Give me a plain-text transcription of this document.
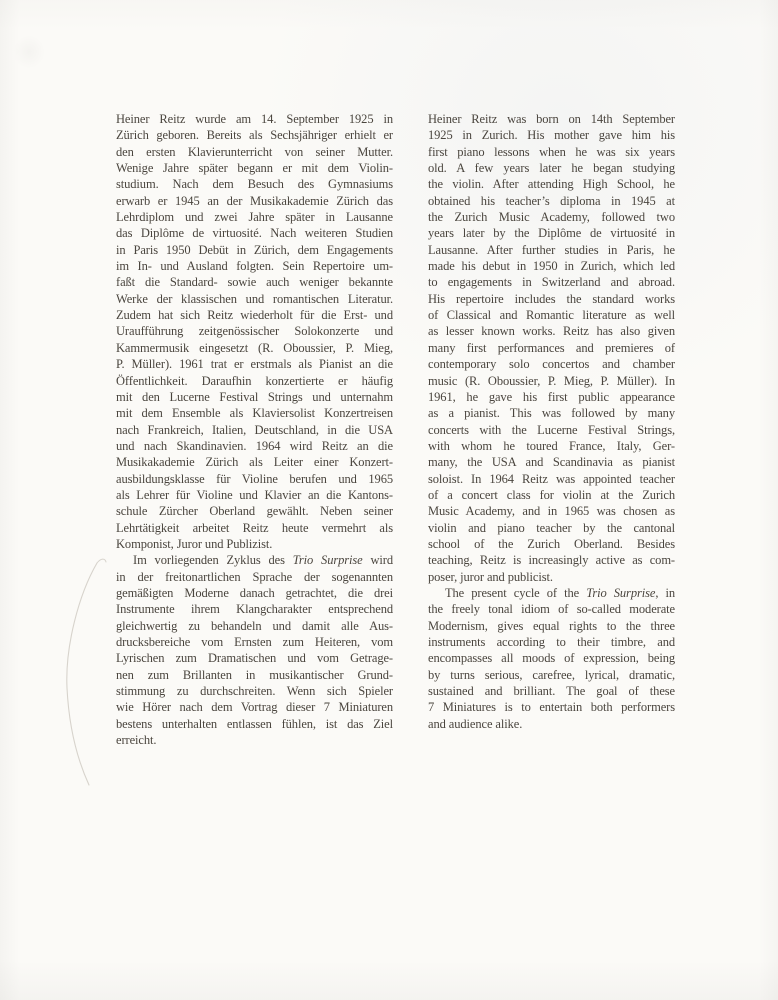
Heiner Reitz wurde am 14. September 1925 in
Zürich geboren. Bereits als Sechsjähriger erhielt er
den ersten Klavierunterricht von seiner Mutter.
Wenige Jahre später begann er mit dem Violin-
studium. Nach dem Besuch des Gymnasiums
erwarb er 1945 an der Musikakademie Zürich das
Lehrdiplom und zwei Jahre später in Lausanne
das Diplôme de virtuosité. Nach weiteren Studien
in Paris 1950 Debüt in Zürich, dem Engagements
im In- und Ausland folgten. Sein Repertoire um-
faßt die Standard- sowie auch weniger bekannte
Werke der klassischen und romantischen Literatur.
Zudem hat sich Reitz wiederholt für die Erst- und
Uraufführung zeitgenössischer Solokonzerte und
Kammermusik eingesetzt (R. Oboussier, P. Mieg,
P. Müller). 1961 trat er erstmals als Pianist an die
Öffentlichkeit. Daraufhin konzertierte er häufig
mit den Lucerne Festival Strings und unternahm
mit dem Ensemble als Klaviersolist Konzertreisen
nach Frankreich, Italien, Deutschland, in die USA
und nach Skandinavien. 1964 wird Reitz an die
Musikakademie Zürich als Leiter einer Konzert-
ausbildungsklasse für Violine berufen und 1965
als Lehrer für Violine und Klavier an die Kantons-
schule Zürcher Oberland gewählt. Neben seiner
Lehrtätigkeit arbeitet Reitz heute vermehrt als
Komponist, Juror und Publizist.
Im vorliegenden Zyklus des Trio Surprise wird
in der freitonartlichen Sprache der sogenannten
gemäßigten Moderne danach getrachtet, die drei
Instrumente ihrem Klangcharakter entsprechend
gleichwertig zu behandeln und damit alle Aus-
drucksbereiche vom Ernsten zum Heiteren, vom
Lyrischen zum Dramatischen und vom Getrage-
nen zum Brillanten in musikantischer Grund-
stimmung zu durchschreiten. Wenn sich Spieler
wie Hörer nach dem Vortrag dieser 7 Miniaturen
bestens unterhalten entlassen fühlen, ist das Ziel
erreicht.
Heiner Reitz was born on 14th September
1925 in Zurich. His mother gave him his
first piano lessons when he was six years
old. A few years later he began studying
the violin. After attending High School, he
obtained his teacher’s diploma in 1945 at
the Zurich Music Academy, followed two
years later by the Diplôme de virtuosité in
Lausanne. After further studies in Paris, he
made his debut in 1950 in Zurich, which led
to engagements in Switzerland and abroad.
His repertoire includes the standard works
of Classical and Romantic literature as well
as lesser known works. Reitz has also given
many first performances and premieres of
contemporary solo concertos and chamber
music (R. Oboussier, P. Mieg, P. Müller). In
1961, he gave his first public appearance
as a pianist. This was followed by many
concerts with the Lucerne Festival Strings,
with whom he toured France, Italy, Ger-
many, the USA and Scandinavia as pianist
soloist. In 1964 Reitz was appointed teacher
of a concert class for violin at the Zurich
Music Academy, and in 1965 was chosen as
violin and piano teacher by the cantonal
school of the Zurich Oberland. Besides
teaching, Reitz is increasingly active as com-
poser, juror and publicist.
The present cycle of the Trio Surprise, in
the freely tonal idiom of so-called moderate
Modernism, gives equal rights to the three
instruments according to their timbre, and
encompasses all moods of expression, being
by turns serious, carefree, lyrical, dramatic,
sustained and brilliant. The goal of these
7 Miniatures is to entertain both performers
and audience alike.
